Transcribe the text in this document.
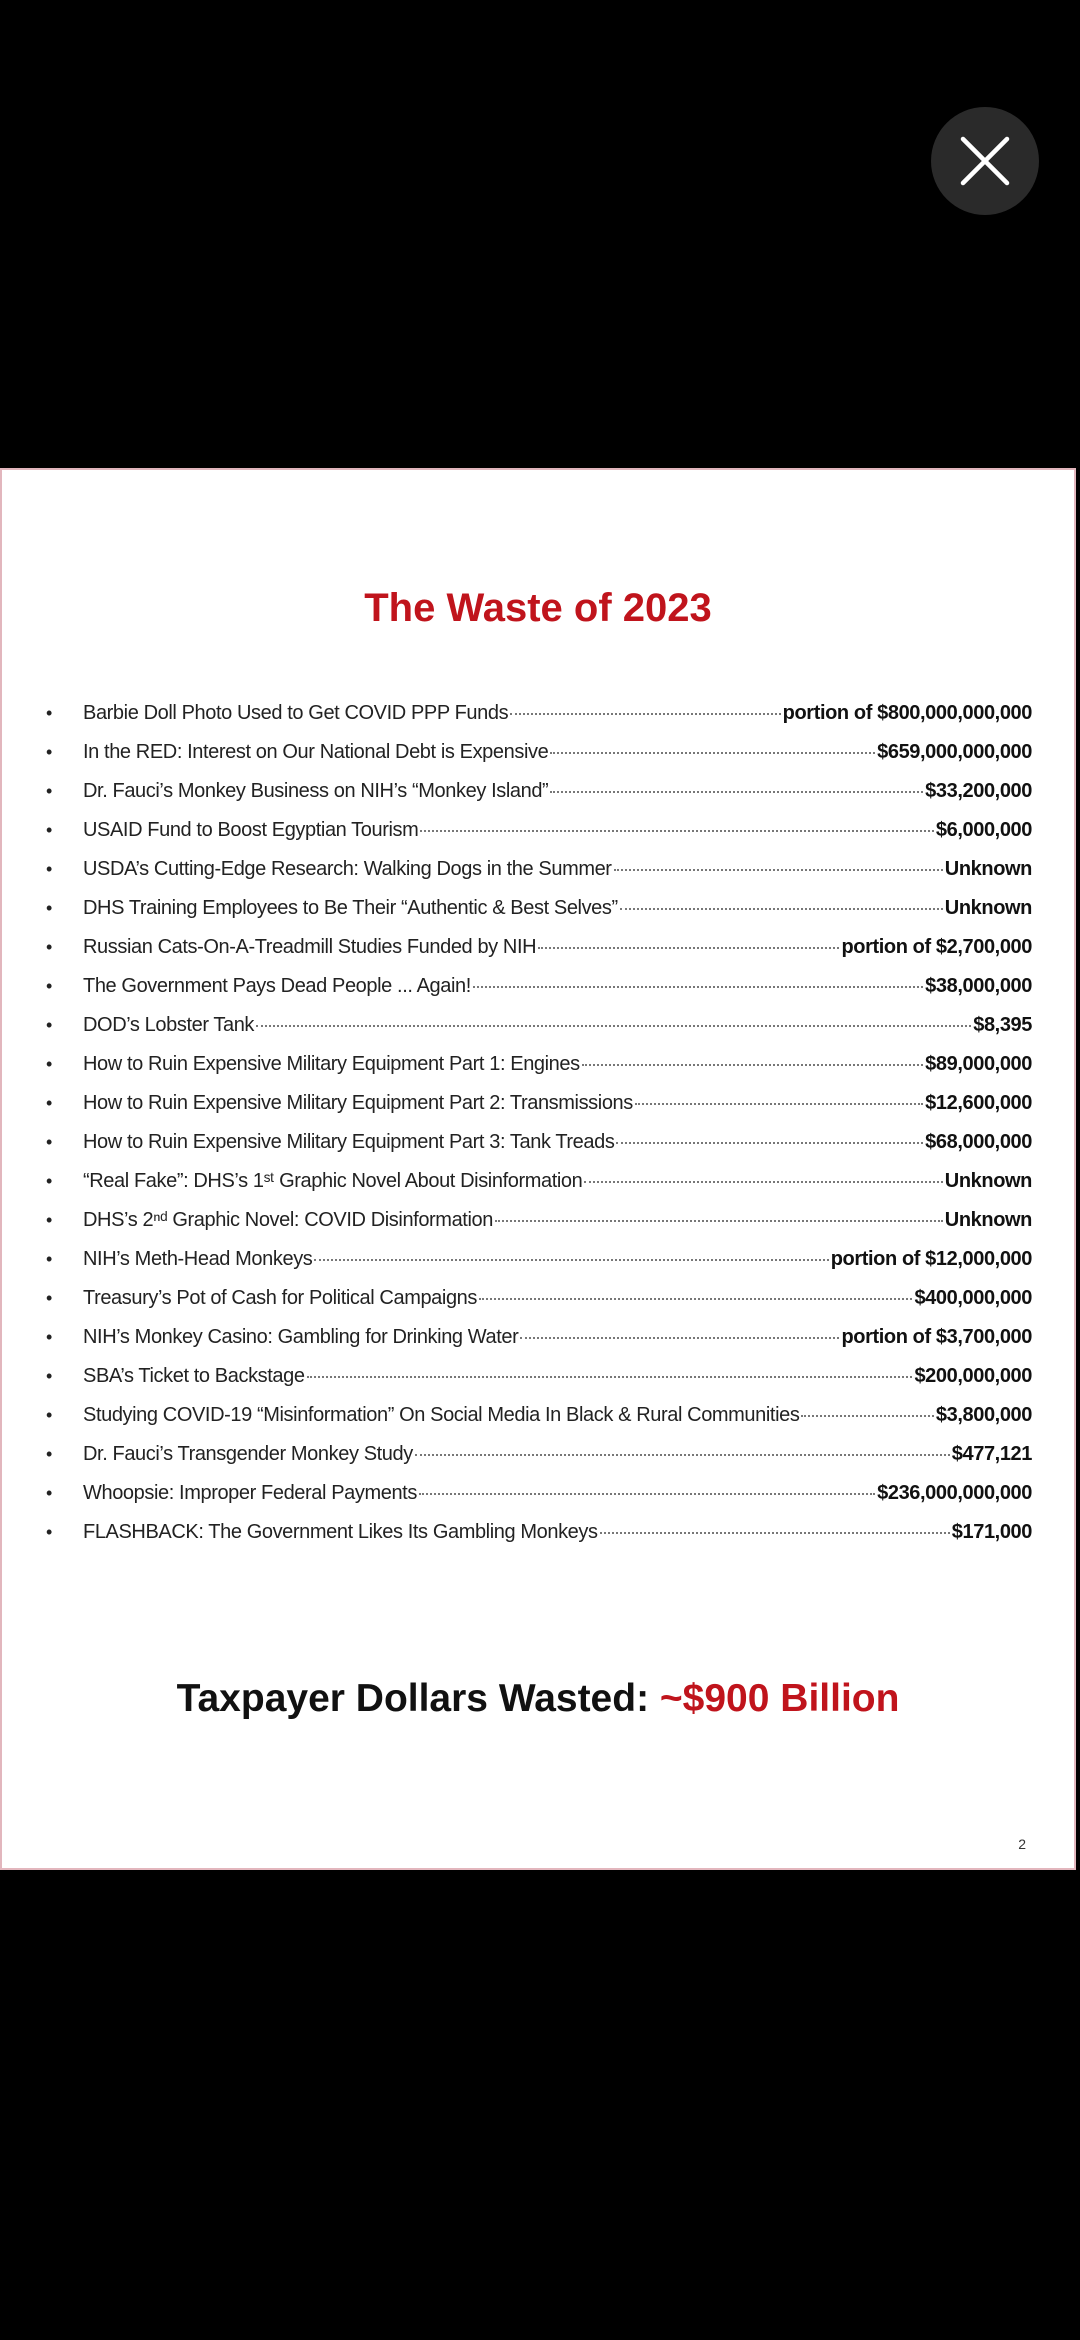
The Waste of 2023
•	Barbie Doll Photo Used to Get COVID PPP Funds	portion of $800,000,000,000
•	In the RED: Interest on Our National Debt is Expensive	$659,000,000,000
•	Dr. Fauci’s Monkey Business on NIH’s “Monkey Island”	$33,200,000
•	USAID Fund to Boost Egyptian Tourism	$6,000,000
•	USDA’s Cutting-Edge Research: Walking Dogs in the Summer	Unknown
•	DHS Training Employees to Be Their “Authentic & Best Selves”	Unknown
•	Russian Cats-On-A-Treadmill Studies Funded by NIH	portion of $2,700,000
•	The Government Pays Dead People ... Again!	$38,000,000
•	DOD’s Lobster Tank	$8,395
•	How to Ruin Expensive Military Equipment Part 1: Engines	$89,000,000
•	How to Ruin Expensive Military Equipment Part 2: Transmissions	$12,600,000
•	How to Ruin Expensive Military Equipment Part 3: Tank Treads	$68,000,000
•	“Real Fake”: DHS’s 1ˢᵗ Graphic Novel About Disinformation	Unknown
•	DHS’s 2ⁿᵈ Graphic Novel: COVID Disinformation	Unknown
•	NIH’s Meth-Head Monkeys	portion of $12,000,000
•	Treasury’s Pot of Cash for Political Campaigns	$400,000,000
•	NIH’s Monkey Casino: Gambling for Drinking Water	portion of $3,700,000
•	SBA’s Ticket to Backstage	$200,000,000
•	Studying COVID-19 “Misinformation” On Social Media In Black & Rural Communities	$3,800,000
•	Dr. Fauci’s Transgender Monkey Study	$477,121
•	Whoopsie: Improper Federal Payments	$236,000,000,000
•	FLASHBACK: The Government Likes Its Gambling Monkeys	$171,000
Taxpayer Dollars Wasted: ~$900 Billion
2
